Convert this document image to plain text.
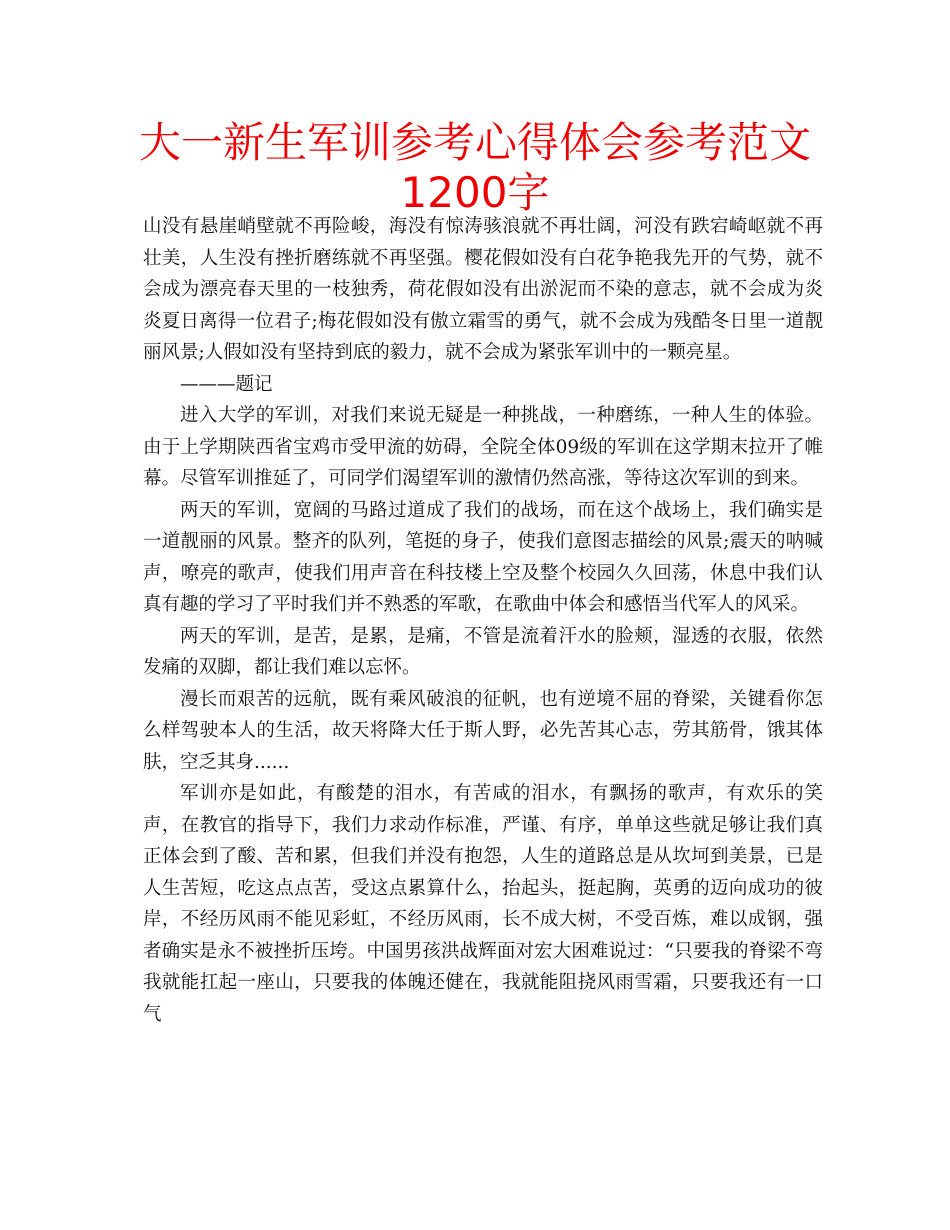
大一新生军训参考心得体会参考范文1200字

山没有悬崖峭壁就不再险峻，海没有惊涛骇浪就不再壮阔，河没有跌宕崎岖就不再壮美，人生没有挫折磨练就不再坚强。樱花假如没有白花争艳我先开的气势，就不会成为漂亮春天里的一枝独秀，荷花假如没有出淤泥而不染的意志，就不会成为炎炎夏日离得一位君子;梅花假如没有傲立霜雪的勇气，就不会成为残酷冬日里一道靓丽风景;人假如没有坚持到底的毅力，就不会成为紧张军训中的一颗亮星。

———题记

进入大学的军训，对我们来说无疑是一种挑战，一种磨练，一种人生的体验。由于上学期陕西省宝鸡市受甲流的妨碍，全院全体09级的军训在这学期末拉开了帷幕。尽管军训推延了，可同学们渴望军训的激情仍然高涨，等待这次军训的到来。

两天的军训，宽阔的马路过道成了我们的战场，而在这个战场上，我们确实是一道靓丽的风景。整齐的队列，笔挺的身子，使我们意图志描绘的风景;震天的呐喊声，嘹亮的歌声，使我们用声音在科技楼上空及整个校园久久回荡，休息中我们认真有趣的学习了平时我们并不熟悉的军歌，在歌曲中体会和感悟当代军人的风采。

两天的军训，是苦，是累，是痛，不管是流着汗水的脸颊，湿透的衣服，依然发痛的双脚，都让我们难以忘怀。

漫长而艰苦的远航，既有乘风破浪的征帆，也有逆境不屈的脊梁，关键看你怎么样驾驶本人的生活，故天将降大任于斯人野，必先苦其心志，劳其筋骨，饿其体肤，空乏其身......

军训亦是如此，有酸楚的泪水，有苦咸的泪水，有飘扬的歌声，有欢乐的笑声，在教官的指导下，我们力求动作标准，严谨、有序，单单这些就足够让我们真正体会到了酸、苦和累，但我们并没有抱怨，人生的道路总是从坎坷到美景，已是人生苦短，吃这点点苦，受这点累算什么，抬起头，挺起胸，英勇的迈向成功的彼岸，不经历风雨不能见彩虹，不经历风雨，长不成大树，不受百炼，难以成钢，强者确实是永不被挫折压垮。中国男孩洪战辉面对宏大困难说过：“只要我的脊梁不弯我就能扛起一座山，只要我的体魄还健在，我就能阻挠风雨雪霜，只要我还有一口气
